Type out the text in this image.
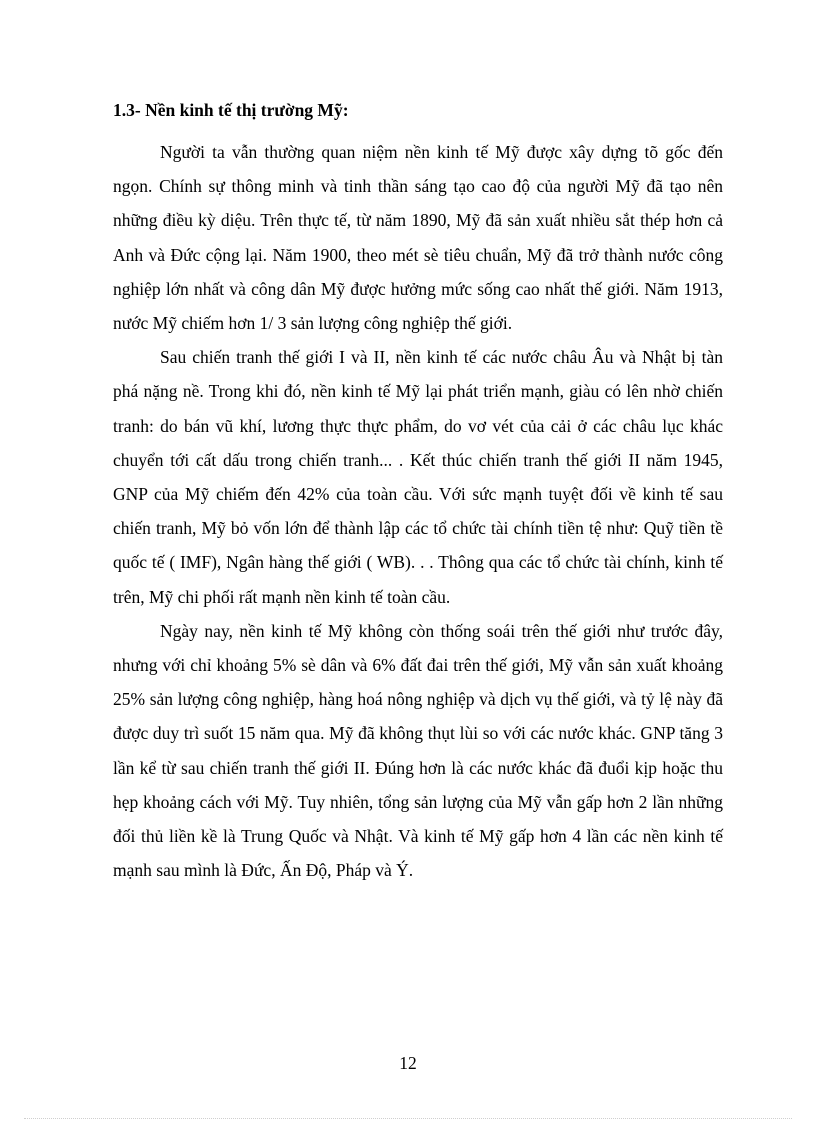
1.3- Nền kinh tế thị trường Mỹ:

Người ta vẫn thường quan niệm nền kinh tế Mỹ được xây dựng tõ gốc đến ngọn. Chính sự thông minh và tinh thần sáng tạo cao độ của người Mỹ đã tạo nên những điều kỳ diệu. Trên thực tế, từ năm 1890, Mỹ đã sản xuất nhiều sắt thép hơn cả Anh và Đức cộng lại. Năm 1900, theo mét sè tiêu chuẩn, Mỹ đã trở thành nước công nghiệp lớn nhất và công dân Mỹ được hưởng mức sống cao nhất thế giới. Năm 1913, nước Mỹ chiếm hơn 1/ 3 sản lượng công nghiệp thế giới.

Sau chiến tranh thế giới I và II, nền kinh tế các nước châu Âu và Nhật bị tàn phá nặng nề. Trong khi đó, nền kinh tế Mỹ lại phát triển mạnh, giàu có lên nhờ chiến tranh: do bán vũ khí, lương thực thực phẩm, do vơ vét của cải ở các châu lục khác chuyển tới cất dấu trong chiến tranh... . Kết thúc chiến tranh thế giới II năm 1945, GNP của Mỹ chiếm đến 42% của toàn cầu. Với sức mạnh tuyệt đối về kinh tế sau chiến tranh, Mỹ bỏ vốn lớn để thành lập các tổ chức tài chính tiền tệ như: Quỹ tiền tề quốc tế ( IMF), Ngân hàng thế giới ( WB). . . Thông qua các tổ chức tài chính, kinh tế trên, Mỹ chi phối rất mạnh nền kinh tế toàn cầu.

Ngày nay, nền kinh tế Mỹ không còn thống soái trên thế giới như trước đây, nhưng với chỉ khoảng 5% sè dân và 6% đất đai trên thế giới, Mỹ vẫn sản xuất khoảng 25% sản lượng công nghiệp, hàng hoá nông nghiệp và dịch vụ thế giới, và tỷ lệ này đã được duy trì suốt 15 năm qua. Mỹ đã không thụt lùi so với các nước khác. GNP tăng 3 lần kể từ sau chiến tranh thế giới II. Đúng hơn là các nước khác đã đuổi kịp hoặc thu hẹp khoảng cách với Mỹ. Tuy nhiên, tổng sản lượng của Mỹ vẫn gấp hơn 2 lần những đối thủ liền kề là Trung Quốc và Nhật. Và kinh tế Mỹ gấp hơn 4 lần các nền kinh tế mạnh sau mình là Đức, Ấn Độ, Pháp và Ý.

12
